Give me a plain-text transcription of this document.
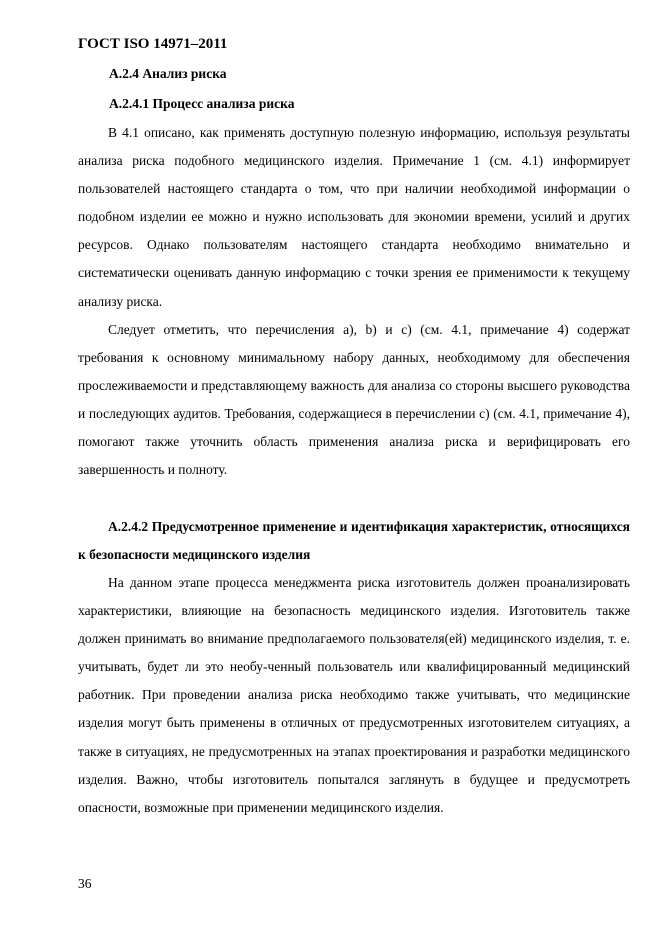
ГОСТ ISO 14971–2011

А.2.4 Анализ риска

А.2.4.1 Процесс анализа риска

В 4.1 описано, как применять доступную полезную информацию, используя результаты анализа риска подобного медицинского изделия. Примечание 1 (см. 4.1) информирует пользователей настоящего стандарта о том, что при наличии необходимой информации о подобном изделии ее можно и нужно использовать для экономии времени, усилий и других ресурсов. Однако пользователям настоящего стандарта необходимо внимательно и систематически оценивать данную информацию с точки зрения ее применимости к текущему анализу риска.

Следует отметить, что перечисления а), b) и с) (см. 4.1, примечание 4) содержат требования к основному минимальному набору данных, необходимому для обеспечения прослеживаемости и представляющему важность для анализа со стороны высшего руководства и последующих аудитов. Требования, содержащиеся в перечислении с) (см. 4.1, примечание 4), помогают также уточнить область применения анализа риска и верифицировать его завершенность и полноту.

А.2.4.2 Предусмотренное применение и идентификация характеристик, относящихся к безопасности медицинского изделия

На данном этапе процесса менеджмента риска изготовитель должен проанализировать характеристики, влияющие на безопасность медицинского изделия. Изготовитель также должен принимать во внимание предполагаемого пользователя(ей) медицинского изделия, т. е. учитывать, будет ли это необу-ченный пользователь или квалифицированный медицинский работник. При проведении анализа риска необходимо также учитывать, что медицинские изделия могут быть применены в отличных от предусмотренных изготовителем ситуациях, а также в ситуациях, не предусмотренных на этапах проектирования и разработки медицинского изделия. Важно, чтобы изготовитель попытался заглянуть в будущее и предусмотреть опасности, возможные при применении медицинского изделия.

36
